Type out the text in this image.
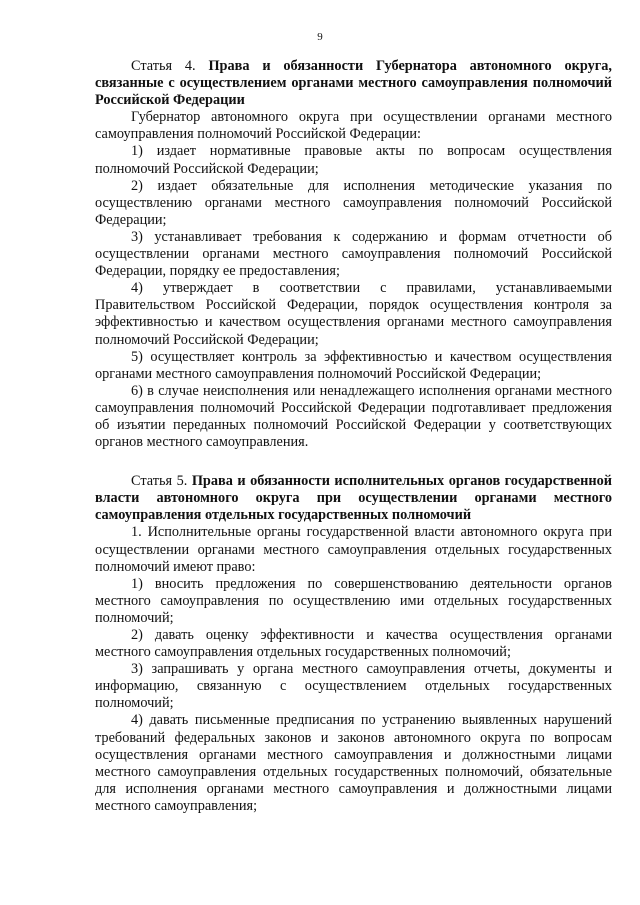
9

Статья 4. Права и обязанности Губернатора автономного округа, связанные с осуществлением органами местного самоуправления полномочий Российской Федерации

Губернатор автономного округа при осуществлении органами местного самоуправления полномочий Российской Федерации:

1) издает нормативные правовые акты по вопросам осуществления полномочий Российской Федерации;

2) издает обязательные для исполнения методические указания по осуществлению органами местного самоуправления полномочий Российской Федерации;

3) устанавливает требования к содержанию и формам отчетности об осуществлении органами местного самоуправления полномочий Российской Федерации, порядку ее предоставления;

4) утверждает в соответствии с правилами, устанавливаемыми Правительством Российской Федерации, порядок осуществления контроля за эффективностью и качеством осуществления органами местного самоуправления полномочий Российской Федерации;

5) осуществляет контроль за эффективностью и качеством осуществления органами местного самоуправления полномочий Российской Федерации;

6) в случае неисполнения или ненадлежащего исполнения органами местного самоуправления полномочий Российской Федерации подготавливает предложения об изъятии переданных полномочий Российской Федерации у соответствующих органов местного самоуправления.

Статья 5. Права и обязанности исполнительных органов государственной власти автономного округа при осуществлении органами местного самоуправления отдельных государственных полномочий

1. Исполнительные органы государственной власти автономного округа при осуществлении органами местного самоуправления отдельных государственных полномочий имеют право:

1) вносить предложения по совершенствованию деятельности органов местного самоуправления по осуществлению ими отдельных государственных полномочий;

2) давать оценку эффективности и качества осуществления органами местного самоуправления отдельных государственных полномочий;

3) запрашивать у органа местного самоуправления отчеты, документы и информацию, связанную с осуществлением отдельных государственных полномочий;

4) давать письменные предписания по устранению выявленных нарушений требований федеральных законов и законов автономного округа по вопросам осуществления органами местного самоуправления и должностными лицами местного самоуправления отдельных государственных полномочий, обязательные для исполнения органами местного самоуправления и должностными лицами местного самоуправления;
